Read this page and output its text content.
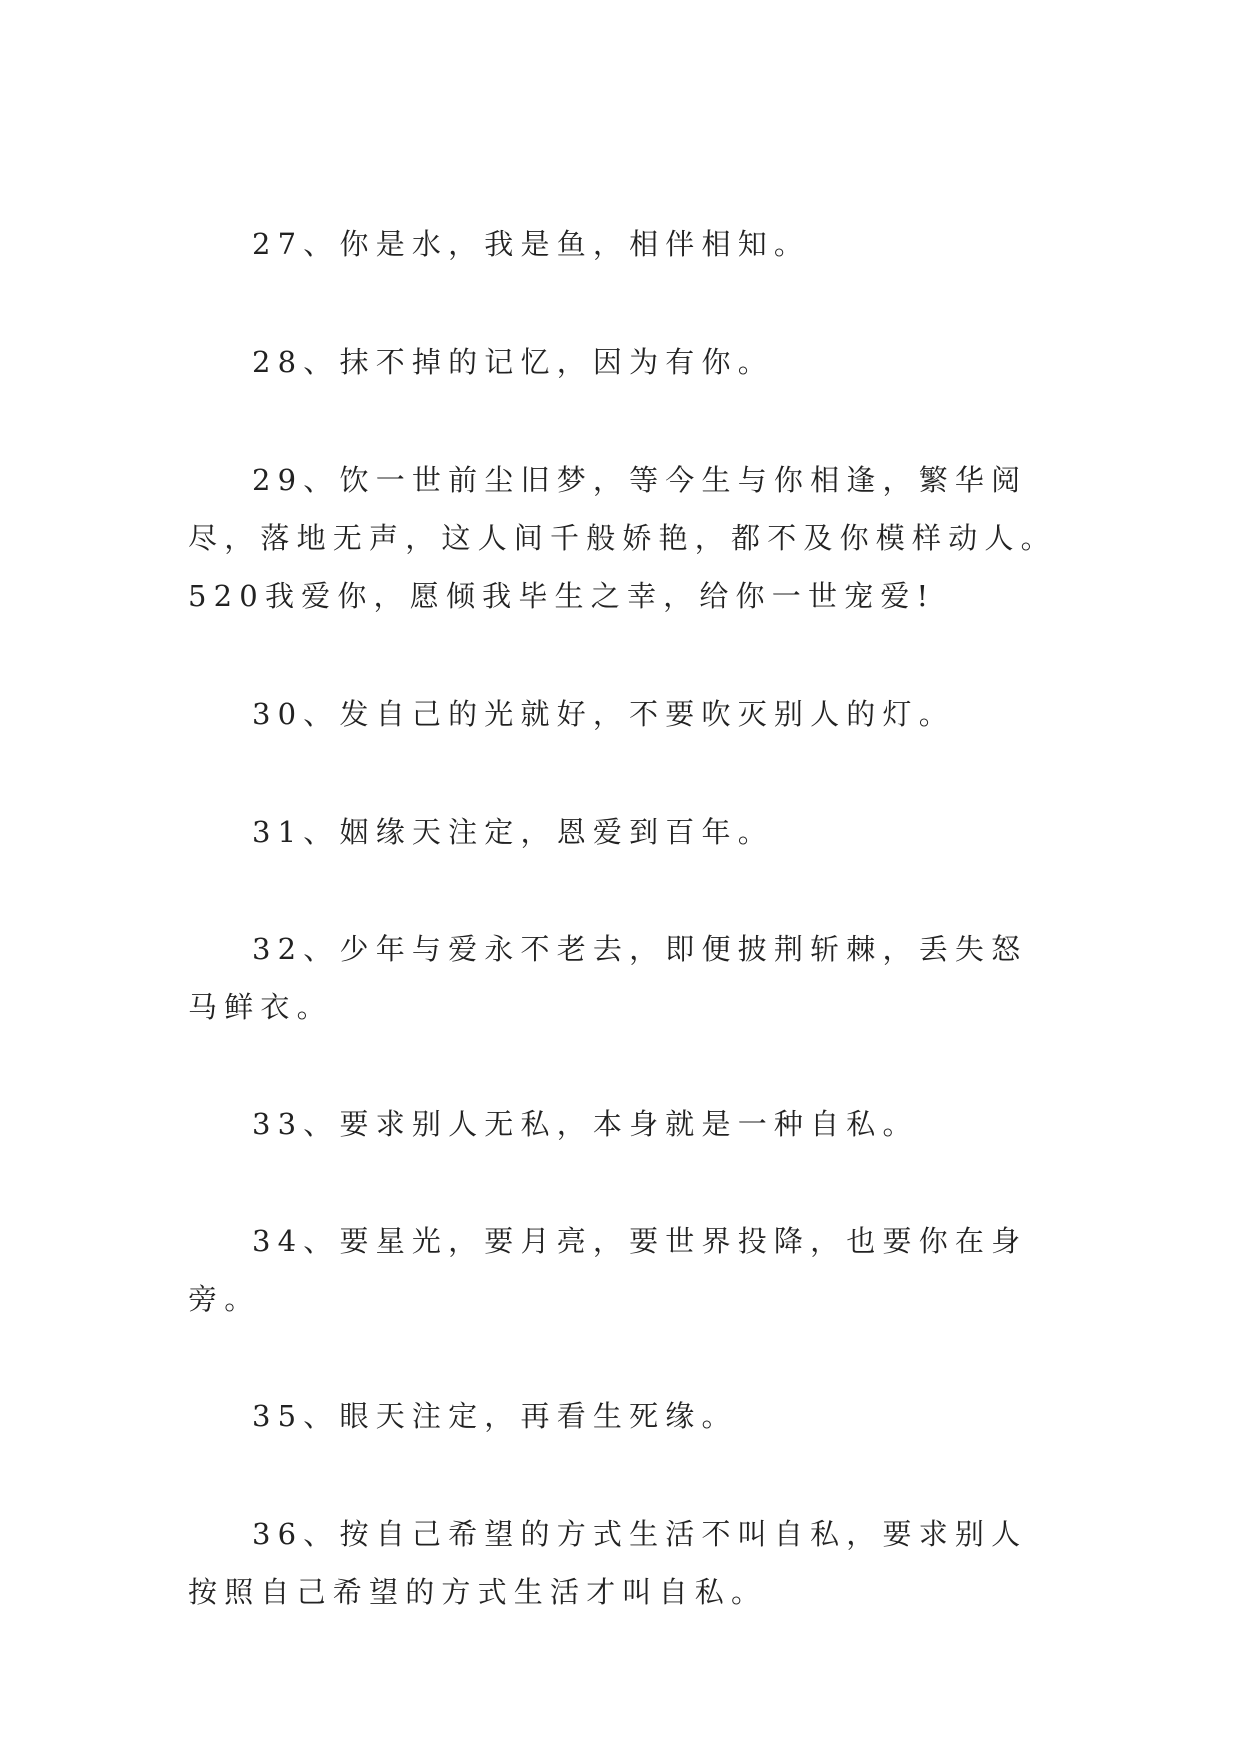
27、你是水，我是鱼，相伴相知。

28、抹不掉的记忆，因为有你。

29、饮一世前尘旧梦，等今生与你相逢，繁华阅尽，落地无声，这人间千般娇艳，都不及你模样动人。520我爱你，愿倾我毕生之幸，给你一世宠爱!

30、发自己的光就好，不要吹灭别人的灯。

31、姻缘天注定，恩爱到百年。

32、少年与爱永不老去，即便披荆斩棘，丢失怒马鲜衣。

33、要求别人无私，本身就是一种自私。

34、要星光，要月亮，要世界投降，也要你在身旁。

35、眼天注定，再看生死缘。

36、按自己希望的方式生活不叫自私，要求别人按照自己希望的方式生活才叫自私。
